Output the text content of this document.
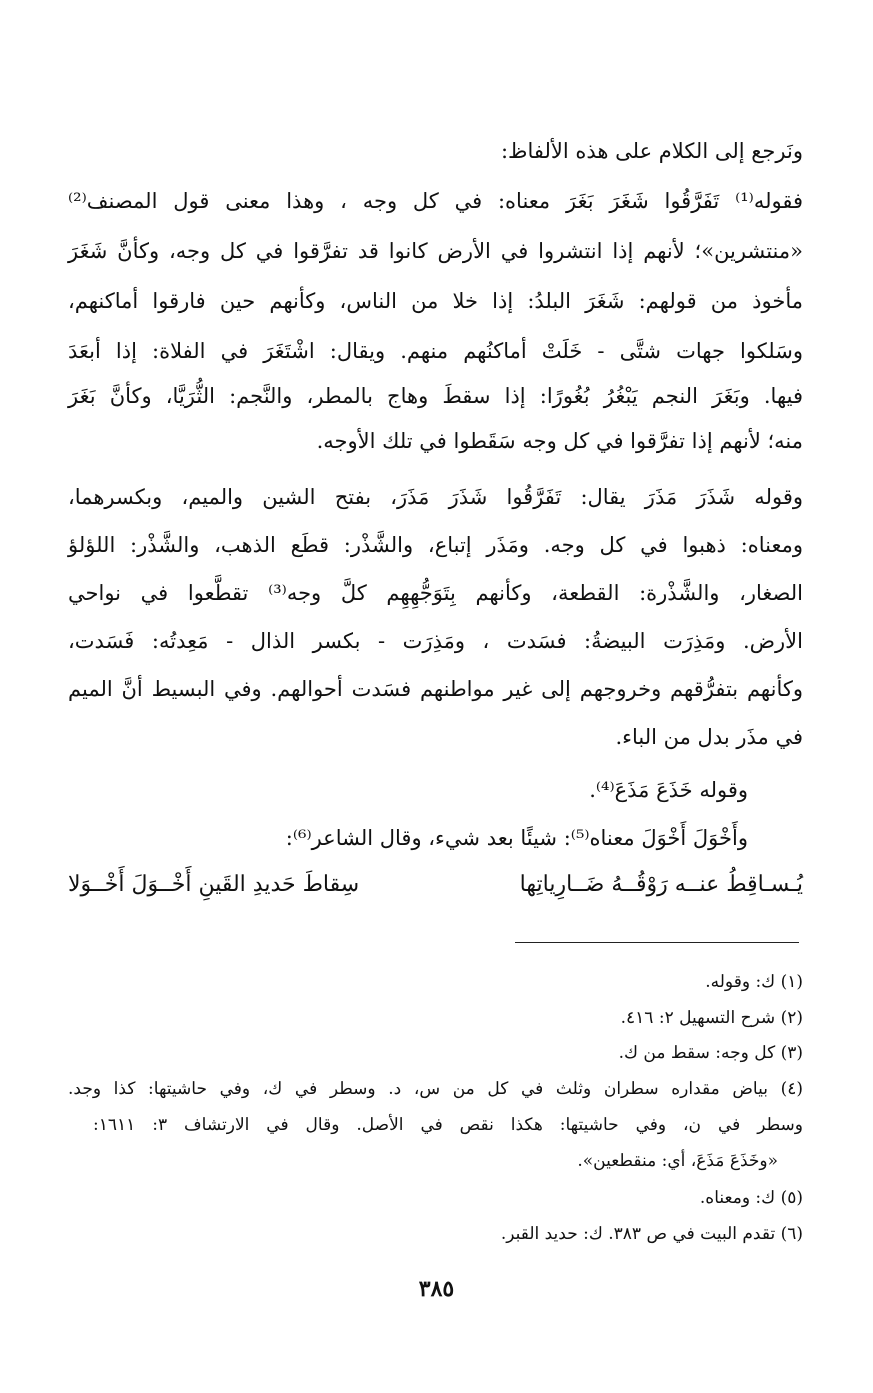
ونَرجع إلى الكلام على هذه الألفاظ:
فقوله⁽¹⁾ تَفَرَّقُوا شَغَرَ بَغَرَ معناه: في كل وجه ، وهذا معنى قول المصنف⁽²⁾
«منتشرين»؛ لأنهم إذا انتشروا في الأرض كانوا قد تفرَّقوا في كل وجه، وكأنَّ شَغَرَ
مأخوذ من قولهم: شَغَرَ البلدُ: إذا خلا من الناس، وكأنهم حين فارقوا أماكنهم،
وسَلكوا جهات شتَّى - خَلَتْ أماكنُهم منهم. ويقال: اشْتَغَرَ في الفلاة: إذا أبعَدَ
فيها. وبَغَرَ النجم يَبْغُرُ بُغُورًا: إذا سقطَ وهاج بالمطر، والنَّجم: الثُّرَيَّا، وكأنَّ بَغَرَ
منه؛ لأنهم إذا تفرَّقوا في كل وجه سَقَطوا في تلك الأوجه.
وقوله شَذَرَ مَذَرَ يقال: تَفَرَّقُوا شَذَرَ مَذَرَ، بفتح الشين والميم، وبكسرهما،
ومعناه: ذهبوا في كل وجه. ومَذَر إتباع، والشَّذْر: قطَع الذهب، والشَّذْر: اللؤلؤ
الصغار، والشَّذْرة: القطعة، وكأنهم بِتَوَجُّهِهِم كلَّ وجه⁽³⁾ تقطَّعوا في نواحي
الأرض. ومَذِرَت البيضةُ: فسَدت ، ومَذِرَت - بكسر الذال - مَعِدتُه: فَسَدت،
وكأنهم بتفرُّقهم وخروجهم إلى غير مواطنهم فسَدت أحوالهم. وفي البسيط أنَّ الميم
في مذَر بدل من الباء.
وقوله خَذَعَ مَذَعَ⁽⁴⁾.
وأَخْوَلَ أَخْوَلَ معناه⁽⁵⁾: شيئًا بعد شيء، وقال الشاعر⁽⁶⁾:
يُـسـاقِطُ عنــه رَوْقُــهُ ضَــارِياتِها
سِقاطَ حَديدِ القَينِ أَخْــوَلَ أَخْــوَلا
(١) ك: وقوله.
(٢) شرح التسهيل ٢: ٤١٦.
(٣) كل وجه: سقط من ك.
(٤) بياض مقداره سطران وثلث في كل من س، د. وسطر في ك، وفي حاشيتها: كذا وجد.
وسطر في ن، وفي حاشيتها: هكذا نقص في الأصل. وقال في الارتشاف ٣: ١٦١١:
«وخَذَعَ مَذَعَ، أي: منقطعين».
(٥) ك: ومعناه.
(٦) تقدم البيت في ص ٣٨٣. ك: حديد القبر.
٣٨٥
